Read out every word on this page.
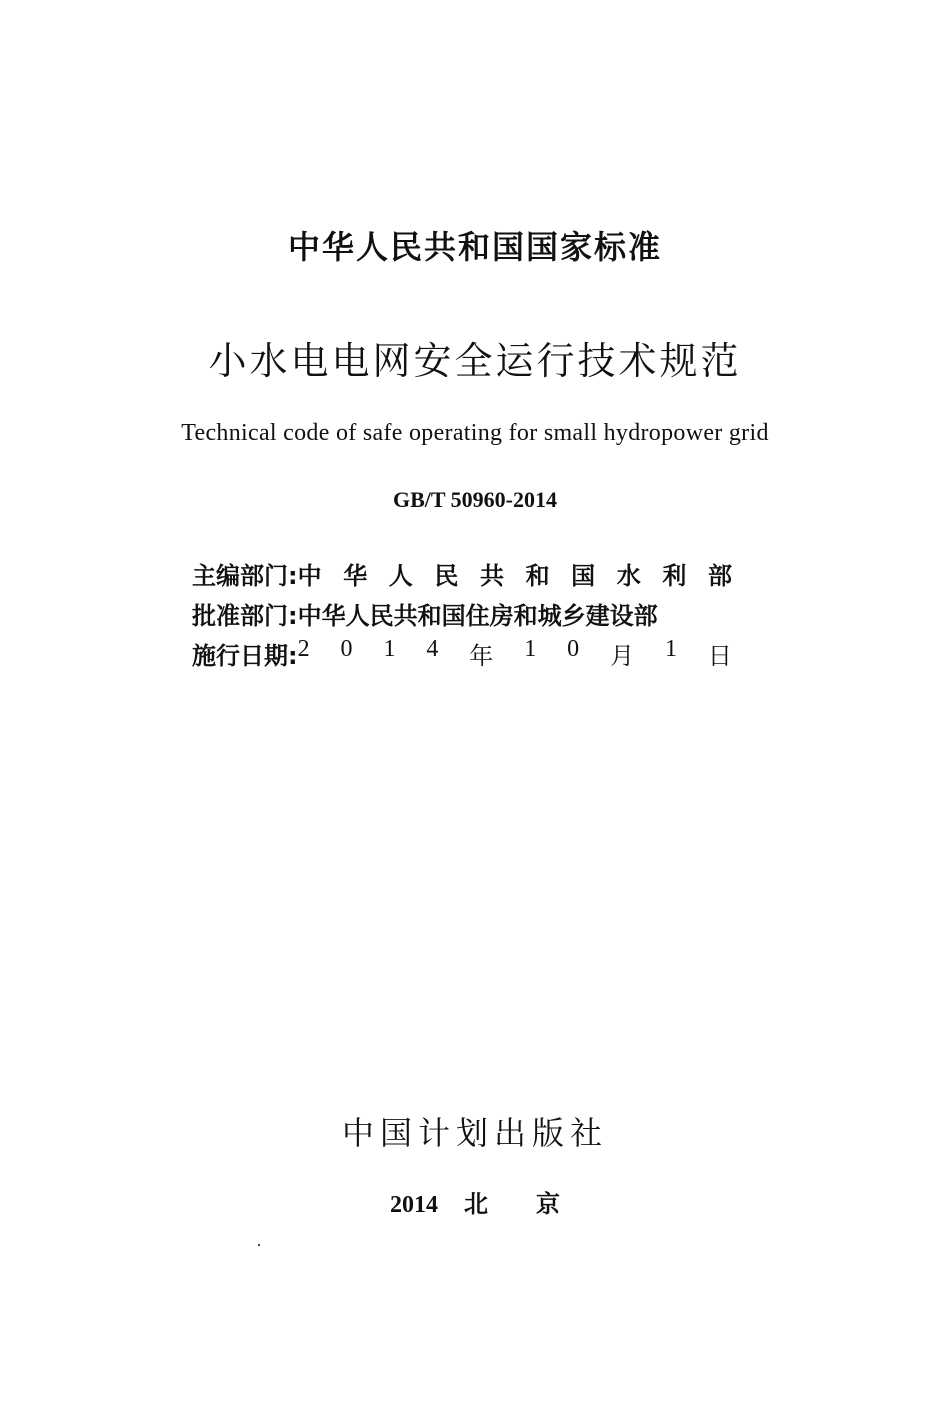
中华人民共和国国家标准
小水电电网安全运行技术规范
Technical code of safe operating for small hydropower grid
GB/T 50960-2014
主编部门: 中 华 人 民 共 和 国 水 利 部
批准部门: 中华人民共和国住房和城乡建设部
施行日期: 2 0 1 4 年 1 0 月 1 日
中国计划出版社
2014 北京
